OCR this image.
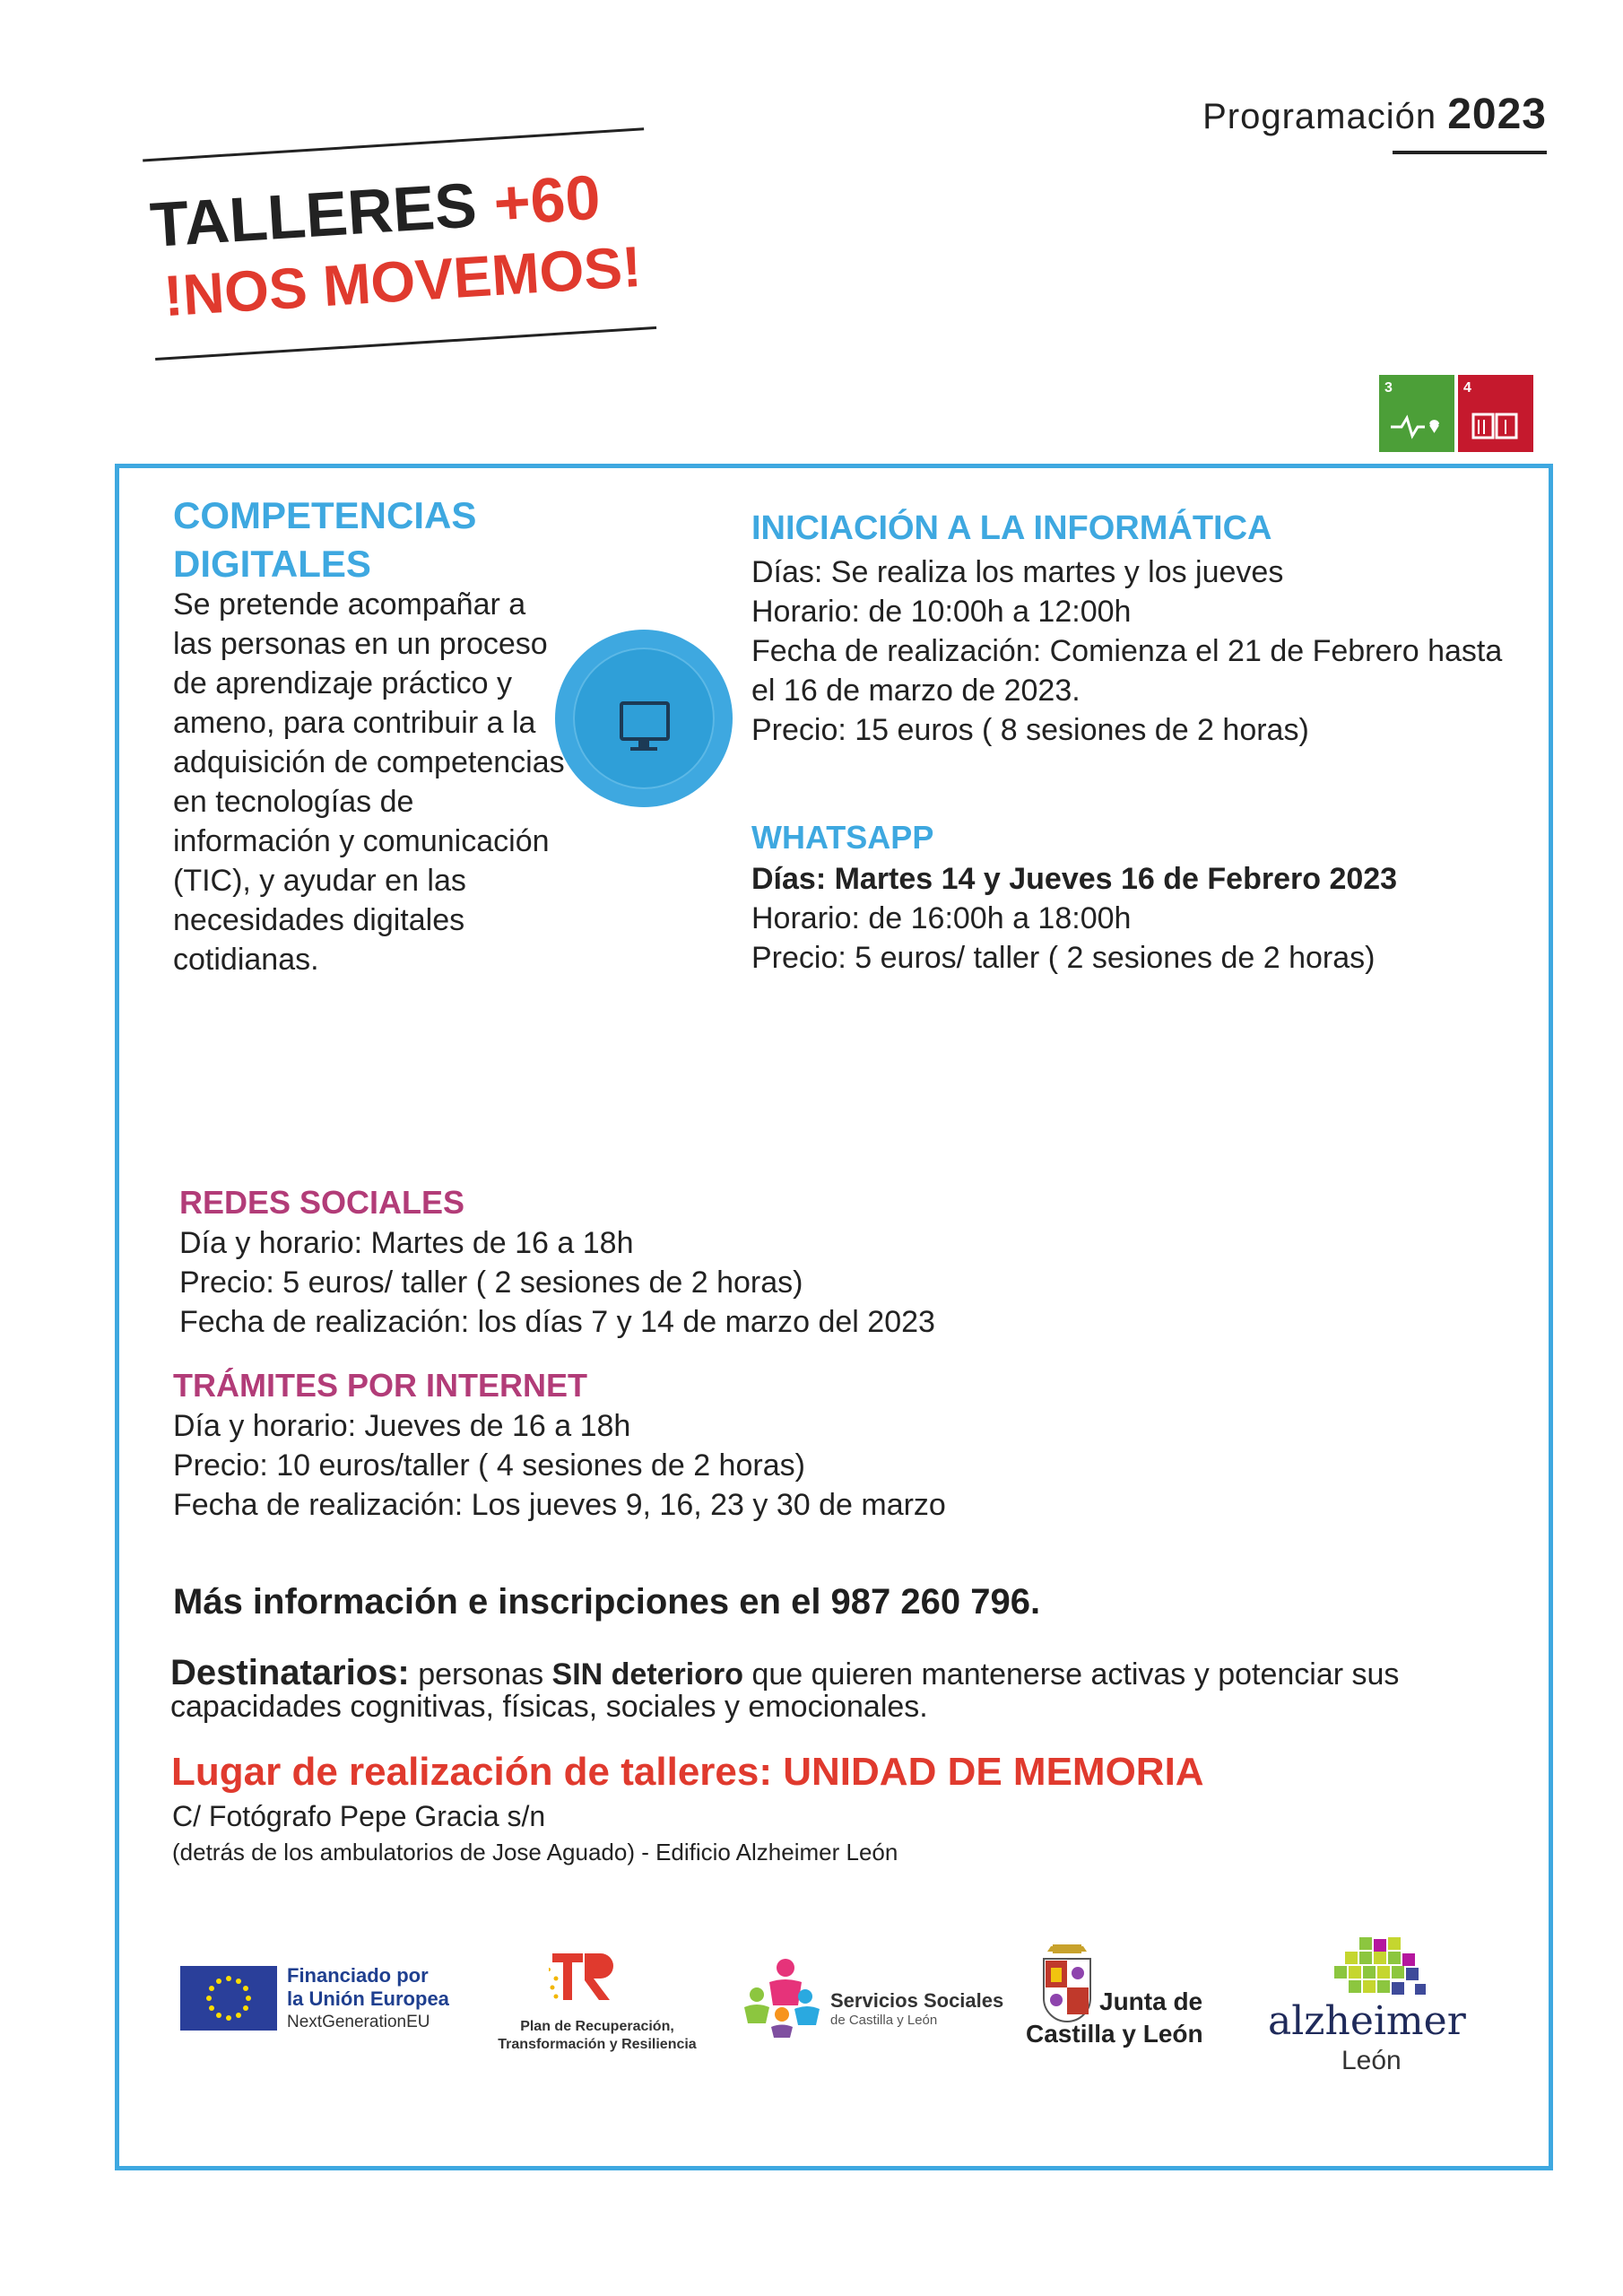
Programación 2023
TALLERES +60
!NOS MOVEMOS!
3	4
COMPETENCIAS DIGITALES
Se pretende acompañar a las personas en un proceso de aprendizaje práctico y ameno, para contribuir a la adquisición de competencias en tecnologías de información y comunicación (TIC), y ayudar en las necesidades digitales cotidianas.
INICIACIÓN A LA INFORMÁTICA
Días: Se realiza los martes y los jueves
Horario: de 10:00h a 12:00h
Fecha de realización: Comienza el 21 de Febrero hasta el 16 de marzo de 2023.
Precio: 15 euros ( 8 sesiones de 2 horas)
WHATSAPP
Días: Martes 14 y Jueves 16 de Febrero 2023
Horario: de 16:00h a 18:00h
Precio: 5 euros/ taller ( 2 sesiones de 2 horas)
REDES SOCIALES
Día y horario: Martes de 16 a 18h
Precio: 5 euros/ taller ( 2 sesiones de 2 horas)
Fecha de realización: los días 7 y 14 de marzo del 2023
TRÁMITES POR INTERNET
Día y horario: Jueves de 16 a 18h
Precio: 10 euros/taller ( 4 sesiones de 2 horas)
Fecha de realización: Los jueves 9, 16, 23 y 30 de marzo
Más información e inscripciones en el 987 260 796.
Destinatarios: personas SIN deterioro que quieren mantenerse activas y potenciar sus capacidades cognitivas, físicas, sociales y emocionales.
Lugar de realización de talleres: UNIDAD DE MEMORIA
C/ Fotógrafo Pepe Gracia s/n
(detrás de los ambulatorios de Jose Aguado) - Edificio Alzheimer León
Financiado por
la Unión Europea
NextGenerationEU	Plan de Recuperación,
Transformación y Resiliencia
Servicios Sociales
de Castilla y León
Junta de
Castilla y León alzheimer
León
